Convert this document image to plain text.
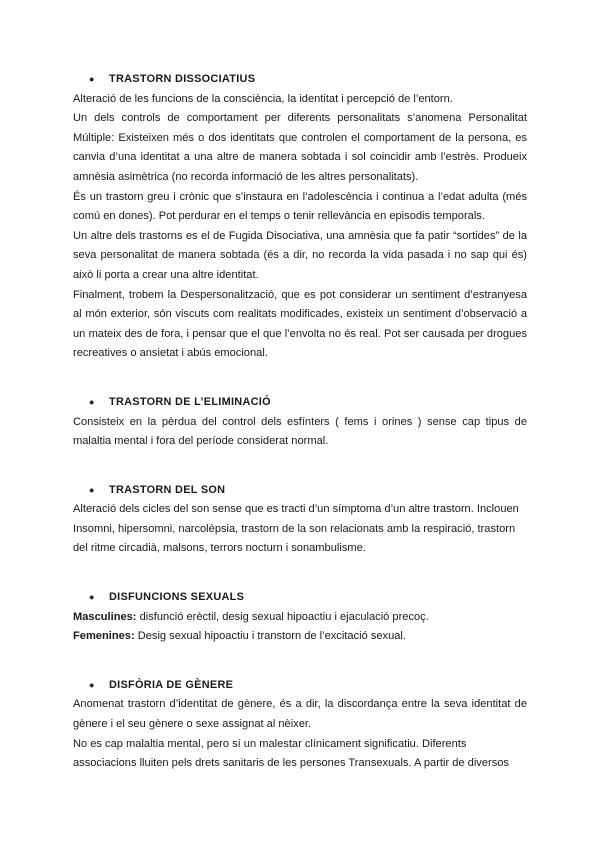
● TRASTORN DISSOCIATIUS

Alteració de les funcions de la consciència, la identitat i percepció de l’entorn.

Un dels controls de comportament per diferents personalitats s’anomena Personalitat Múltiple: Existeixen més o dos identitats que controlen el comportament de la persona, es canvia d’una identitat a una altre de manera sobtada i sol coincidir amb l’estrès. Produeix amnèsia asimètrica (no recorda informació de les altres personalitats).

És un trastorn greu i crònic que s’instaura en l’adolescència i continua a l’edat adulta (més comú en dones). Pot perdurar en el temps o tenir rellevància en episodis temporals.

Un altre dels trastorns es el de Fugida Disociativa, una amnèsia que fa patir “sortides” de la seva personalitat de manera sobtada (és a dir, no recorda la vida pasada i no sap qui és) això li porta a crear una altre identitat.

Finalment, trobem la Despersonalització, que es pot considerar un sentiment d’estranyesa al món exterior, són viscuts com realitats modificades, existeix un sentiment d’observació a un mateix des de fora, i pensar que el que l’envolta no és real. Pot ser causada per drogues recreatives o ansietat i abús emocional.

● TRASTORN DE L’ELIMINACIÓ

Consisteix en la pèrdua del control dels esfínters ( fems i orines ) sense cap tipus de malaltia mental i fora del període considerat normal.

● TRASTORN DEL SON

Alteració dels cicles del son sense que es tracti d’un símptoma d’un altre trastorn. Inclouen Insomni, hipersomni, narcolèpsia, trastorn de la son relacionats amb la respiració, trastorn del ritme circadià, malsons, terrors nocturn i sonambulisme.

● DISFUNCIONS SEXUALS

Masculines: disfunció erèctil, desig sexual hipoactiu i ejaculació precoç.

Femenines: Desig sexual hipoactiu i transtorn de l’excitació sexual.

● DISFÒRIA DE GÈNERE

Anomenat trastorn d’identitat de gènere, és a dir, la discordança entre la seva identitat de gènere i el seu gènere o sexe assignat al nèixer.

No es cap malaltia mental, pero sí un malestar clínicament significatiu. Diferents associacions lluiten pels drets sanitaris de les persones Transexuals. A partir de diversos
